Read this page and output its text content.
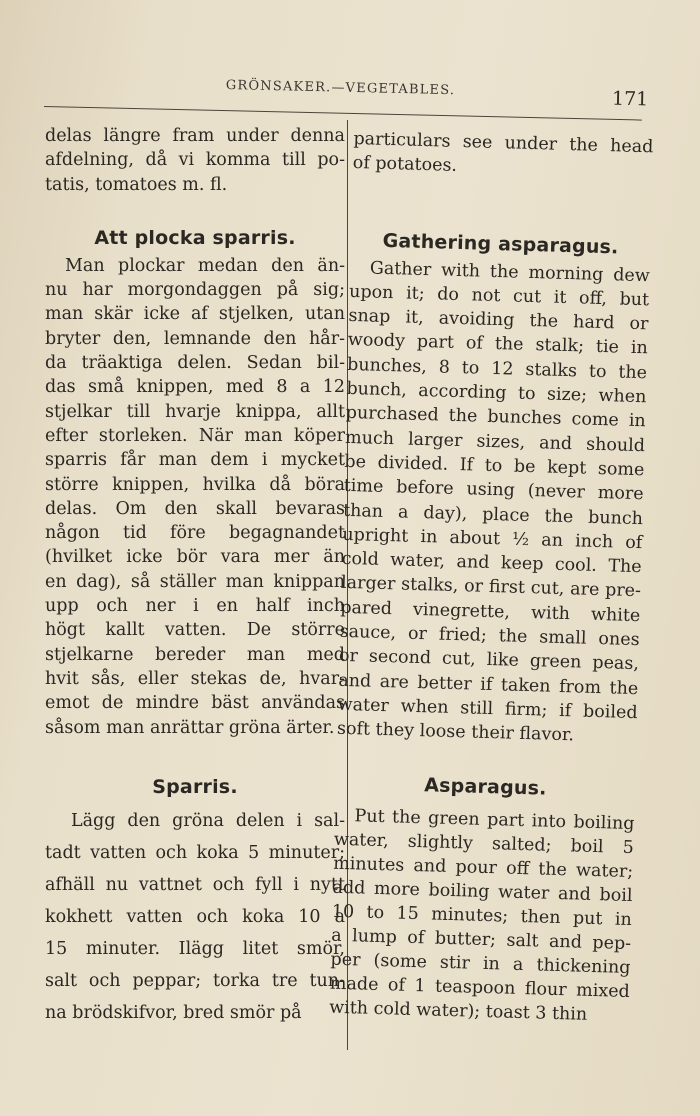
GRÖNSAKER.—VEGETABLES.	171

delas längre fram under denna
afdelning, då vi komma till po-
tatis, tomatoes m. fl.

Att plocka sparris.

Man plockar medan den än-
nu har morgondaggen på sig;
man skär icke af stjelken, utan
bryter den, lemnande den hår-
da träaktiga delen. Sedan bil-
das små knippen, med 8 a 12
stjelkar till hvarje knippa, allt
efter storleken. När man köper
sparris får man dem i mycket
större knippen, hvilka då böra
delas. Om den skall bevaras
någon tid före begagnandet
(hvilket icke bör vara mer än
en dag), så ställer man knippan
upp och ner i en half inch
högt kallt vatten. De större
stjelkarne bereder man med
hvit sås, eller stekas de, hvar-
emot de mindre bäst användas
såsom man anrättar gröna ärter.

Sparris.

Lägg den gröna delen i sal-
tadt vatten och koka 5 minuter;
afhäll nu vattnet och fyll i nytt
kokhett vatten och koka 10 a
15 minuter. Ilägg litet smör,
salt och peppar; torka tre tun-
na brödskifvor, bred smör på

particulars see under the head
of potatoes.

Gathering asparagus.

Gather with the morning dew
upon it; do not cut it off, but
snap it, avoiding the hard or
woody part of the stalk; tie in
bunches, 8 to 12 stalks to the
bunch, according to size; when
purchased the bunches come in
much larger sizes, and should
be divided. If to be kept some
time before using (never more
than a day), place the bunch
upright in about ½ an inch of
cold water, and keep cool. The
larger stalks, or first cut, are pre-
pared vinegrette, with white
sauce, or fried; the small ones
or second cut, like green peas,
and are better if taken from the
water when still firm; if boiled
soft they loose their flavor.

Asparagus.

Put the green part into boiling
water, slightly salted; boil 5
minutes and pour off the water;
add more boiling water and boil
10 to 15 minutes; then put in
a lump of butter; salt and pep-
per (some stir in a thickening
made of 1 teaspoon flour mixed
with cold water); toast 3 thin
